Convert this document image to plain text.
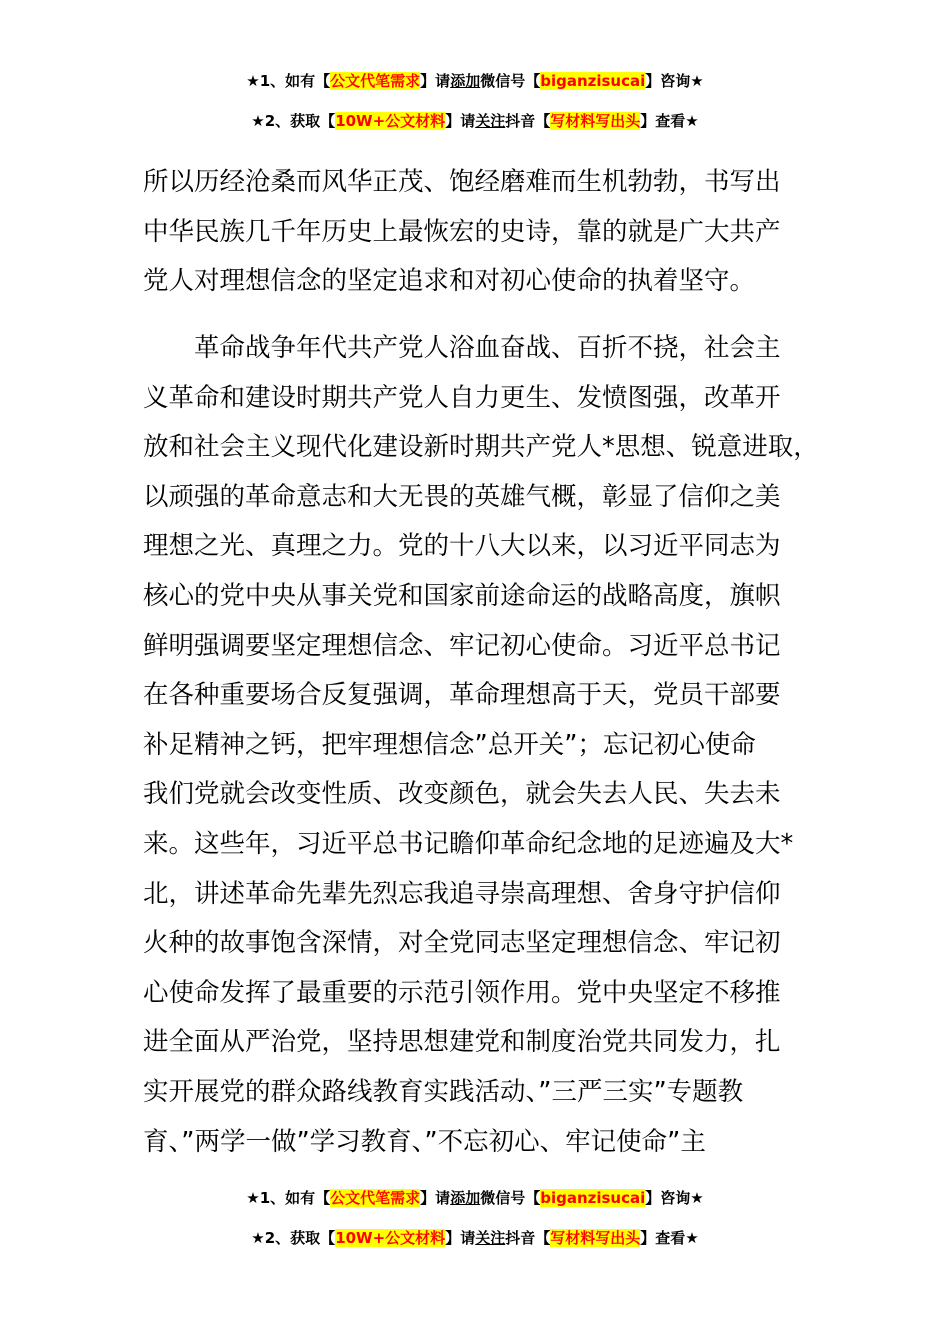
★1、如有【公文代笔需求】请添加微信号【biganzisucai】咨询★
★2、获取【10W+公文材料】请关注抖音【写材料写出头】查看★
所以历经沧桑而风华正茂、饱经磨难而生机勃勃，书写出
中华民族几千年历史上最恢宏的史诗，靠的就是广大共产
党人对理想信念的坚定追求和对初心使命的执着坚守。
　　革命战争年代共产党人浴血奋战、百折不挠，社会主
义革命和建设时期共产党人自力更生、发愤图强，改革开
放和社会主义现代化建设新时期共产党人*思想、锐意进取，
以顽强的革命意志和大无畏的英雄气概，彰显了信仰之美
理想之光、真理之力。党的十八大以来，以习近平同志为
核心的党中央从事关党和国家前途命运的战略高度，旗帜
鲜明强调要坚定理想信念、牢记初心使命。习近平总书记
在各种重要场合反复强调，革命理想高于天，党员干部要
补足精神之钙，把牢理想信念”总开关”；忘记初心使命
我们党就会改变性质、改变颜色，就会失去人民、失去未
来。这些年，习近平总书记瞻仰革命纪念地的足迹遍及大*
北，讲述革命先辈先烈忘我追寻崇高理想、舍身守护信仰
火种的故事饱含深情，对全党同志坚定理想信念、牢记初
心使命发挥了最重要的示范引领作用。党中央坚定不移推
进全面从严治党，坚持思想建党和制度治党共同发力，扎
实开展党的群众路线教育实践活动、”三严三实”专题教
育、”两学一做”学习教育、”不忘初心、牢记使命”主
★1、如有【公文代笔需求】请添加微信号【biganzisucai】咨询★
★2、获取【10W+公文材料】请关注抖音【写材料写出头】查看★
